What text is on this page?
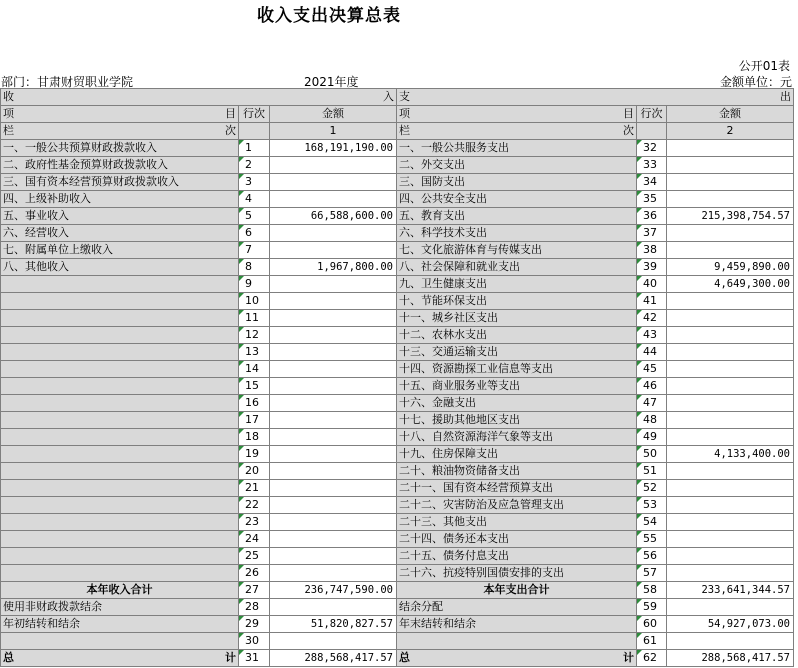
收入支出决算总表
公开01表
部门：甘肃财贸职业学院	2021年度	金额单位：元
收 入			支 出		

项 目	行次	金额	项 目	行次	金额

栏 次		1	栏 次		2
一、一般公共预算财政拨款收入	1	168,191,190.00	一、一般公共服务支出	32	
二、政府性基金预算财政拨款收入	2		二、外交支出	33	
三、国有资本经营预算财政拨款收入	3		三、国防支出	34	
四、上级补助收入	4		四、公共安全支出	35	
五、事业收入	5	66,588,600.00	五、教育支出	36	215,398,754.57
六、经营收入	6		六、科学技术支出	37	
七、附属单位上缴收入	7		七、文化旅游体育与传媒支出	38	
八、其他收入	8	1,967,800.00	八、社会保障和就业支出	39	9,459,890.00
	9		九、卫生健康支出	40	4,649,300.00
	10		十、节能环保支出	41	
	11		十一、城乡社区支出	42	
	12		十二、农林水支出	43	
	13		十三、交通运输支出	44	
	14		十四、资源勘探工业信息等支出	45	
	15		十五、商业服务业等支出	46	
	16		十六、金融支出	47	
	17		十七、援助其他地区支出	48	
	18		十八、自然资源海洋气象等支出	49	
	19		十九、住房保障支出	50	4,133,400.00
	20		二十、粮油物资储备支出	51	
	21		二十一、国有资本经营预算支出	52	
	22		二十二、灾害防治及应急管理支出	53	
	23		二十三、其他支出	54	
	24		二十四、债务还本支出	55	
	25		二十五、债务付息支出	56	
	26		二十六、抗疫特别国债安排的支出	57	
本年收入合计	27	236,747,590.00	本年支出合计	58	233,641,344.57
使用非财政拨款结余	28		结余分配	59	
年初结转和结余	29	51,820,827.57	年末结转和结余	60	54,927,073.00
	30			61	

总 计	31	288,568,417.57	总 计	62	288,568,417.57
